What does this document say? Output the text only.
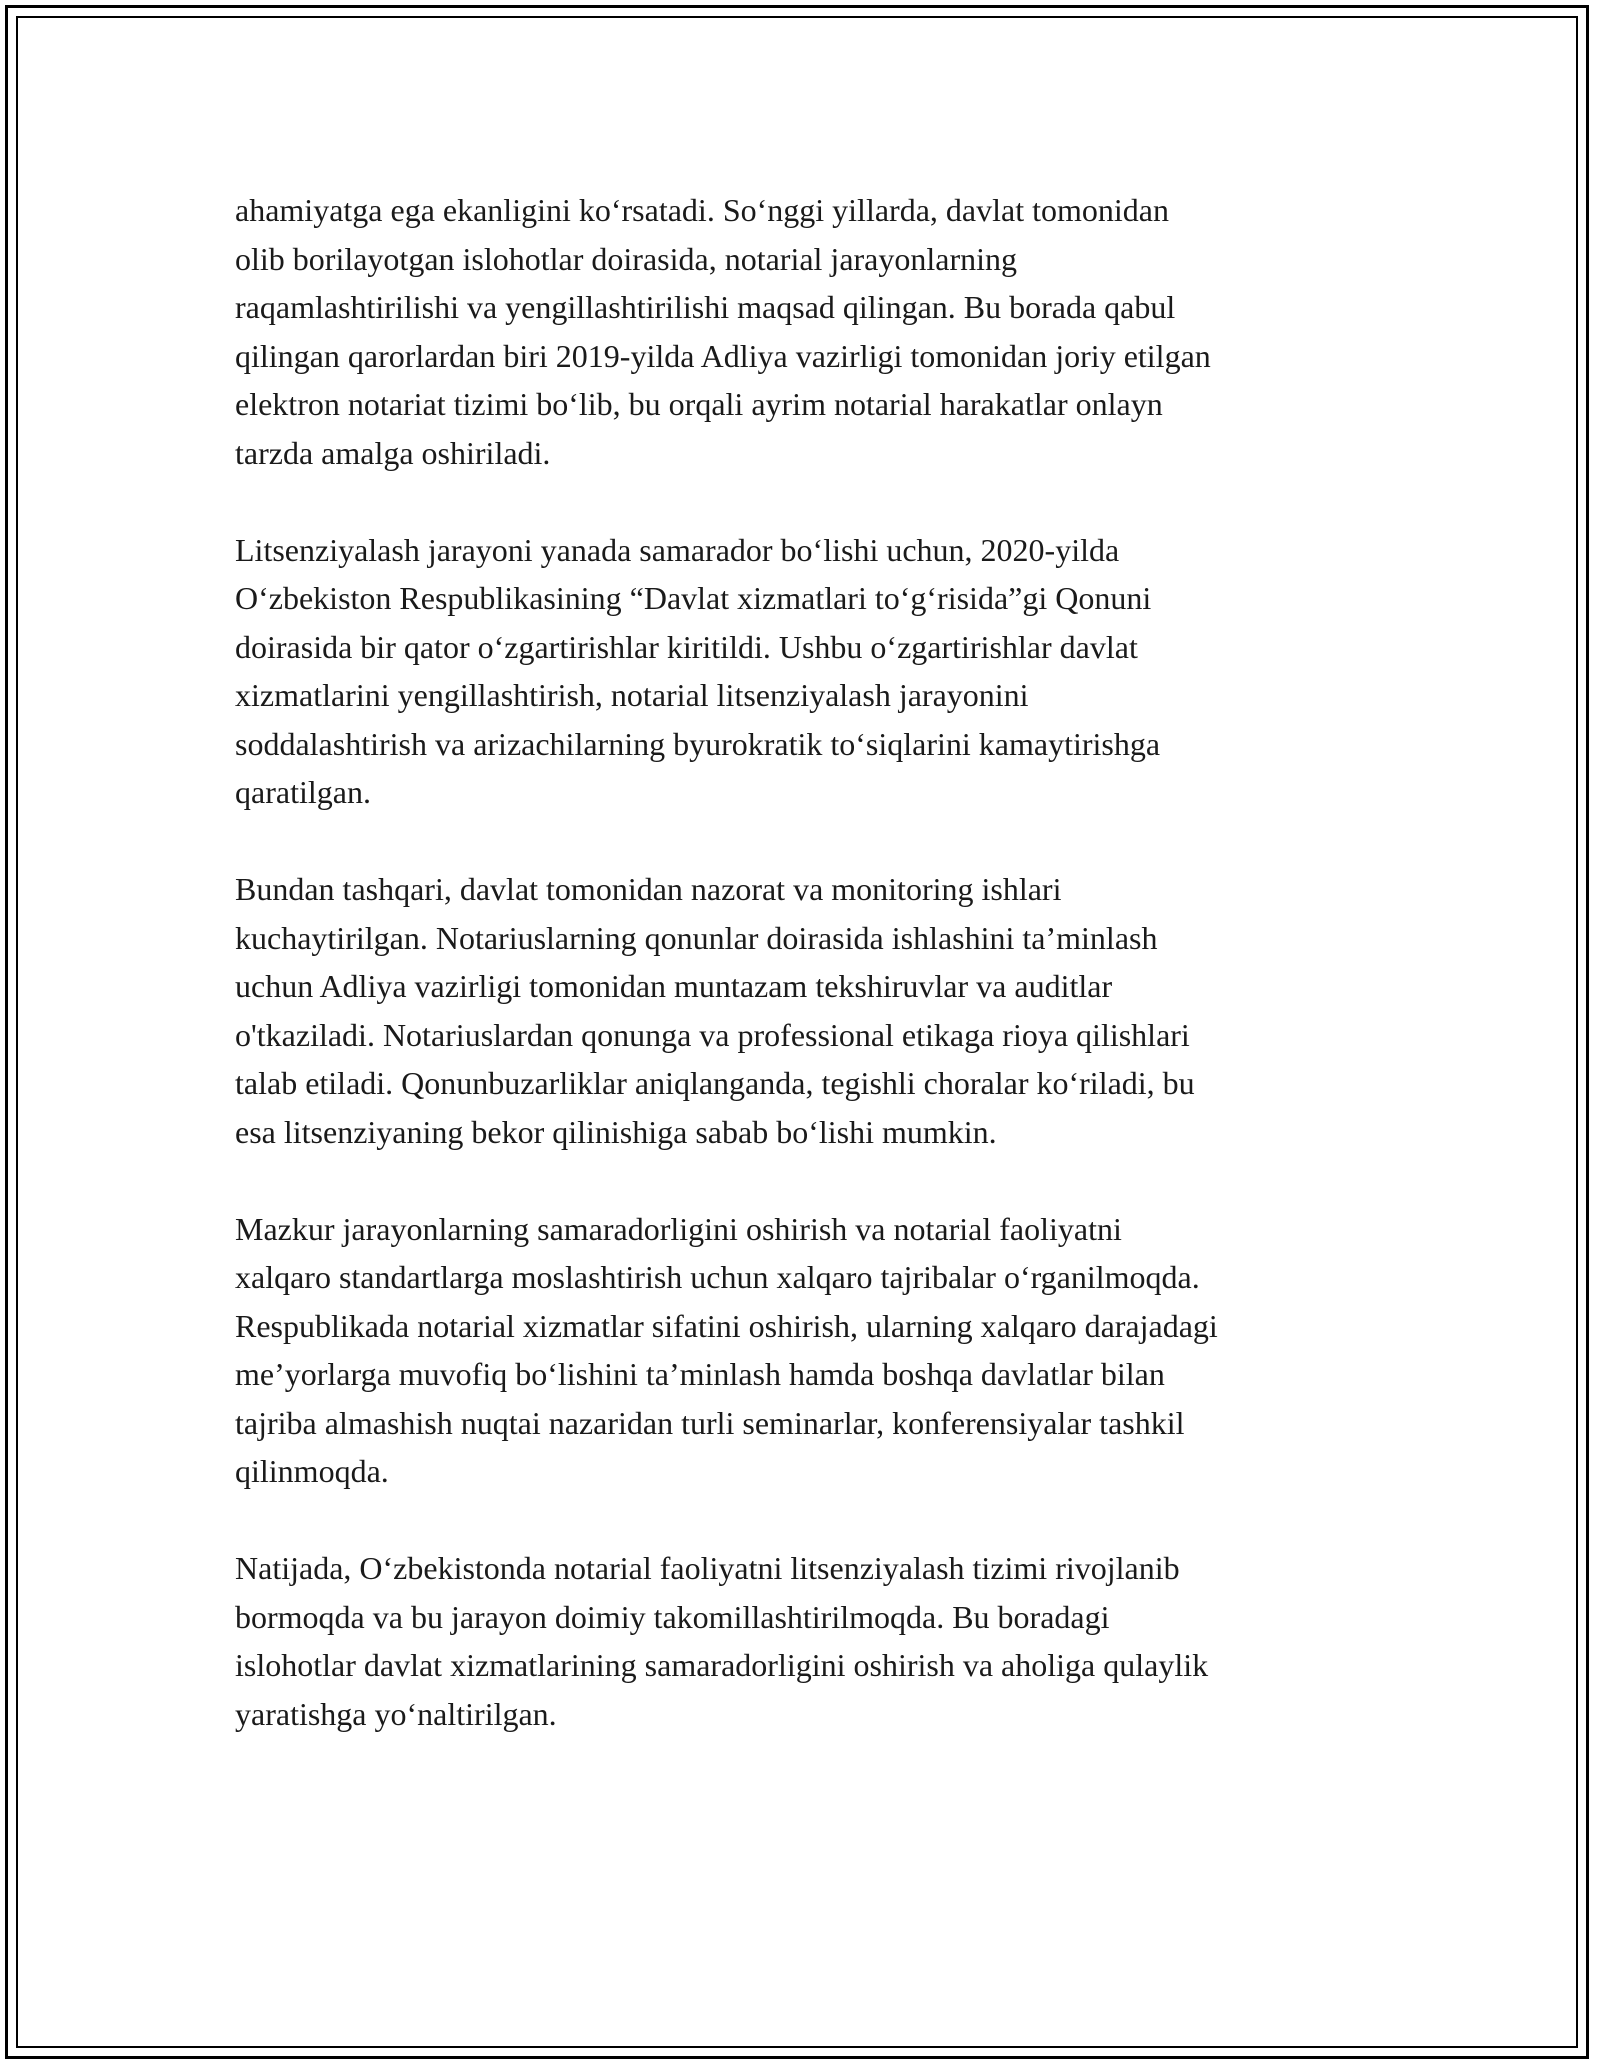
ahamiyatga ega ekanligini ko‘rsatadi. So‘nggi yillarda, davlat tomonidan
olib borilayotgan islohotlar doirasida, notarial jarayonlarning
raqamlashtirilishi va yengillashtirilishi maqsad qilingan. Bu borada qabul
qilingan qarorlardan biri 2019-yilda Adliya vazirligi tomonidan joriy etilgan
elektron notariat tizimi bo‘lib, bu orqali ayrim notarial harakatlar onlayn
tarzda amalga oshiriladi.

Litsenziyalash jarayoni yanada samarador bo‘lishi uchun, 2020-yilda
O‘zbekiston Respublikasining “Davlat xizmatlari to‘g‘risida”gi Qonuni
doirasida bir qator o‘zgartirishlar kiritildi. Ushbu o‘zgartirishlar davlat
xizmatlarini yengillashtirish, notarial litsenziyalash jarayonini
soddalashtirish va arizachilarning byurokratik to‘siqlarini kamaytirishga
qaratilgan.

Bundan tashqari, davlat tomonidan nazorat va monitoring ishlari
kuchaytirilgan. Notariuslarning qonunlar doirasida ishlashini ta’minlash
uchun Adliya vazirligi tomonidan muntazam tekshiruvlar va auditlar
o'tkaziladi. Notariuslardan qonunga va professional etikaga rioya qilishlari
talab etiladi. Qonunbuzarliklar aniqlanganda, tegishli choralar ko‘riladi, bu
esa litsenziyaning bekor qilinishiga sabab bo‘lishi mumkin.

Mazkur jarayonlarning samaradorligini oshirish va notarial faoliyatni
xalqaro standartlarga moslashtirish uchun xalqaro tajribalar o‘rganilmoqda.
Respublikada notarial xizmatlar sifatini oshirish, ularning xalqaro darajadagi
me’yorlarga muvofiq bo‘lishini ta’minlash hamda boshqa davlatlar bilan
tajriba almashish nuqtai nazaridan turli seminarlar, konferensiyalar tashkil
qilinmoqda.

Natijada, O‘zbekistonda notarial faoliyatni litsenziyalash tizimi rivojlanib
bormoqda va bu jarayon doimiy takomillashtirilmoqda. Bu boradagi
islohotlar davlat xizmatlarining samaradorligini oshirish va aholiga qulaylik
yaratishga yo‘naltirilgan.
